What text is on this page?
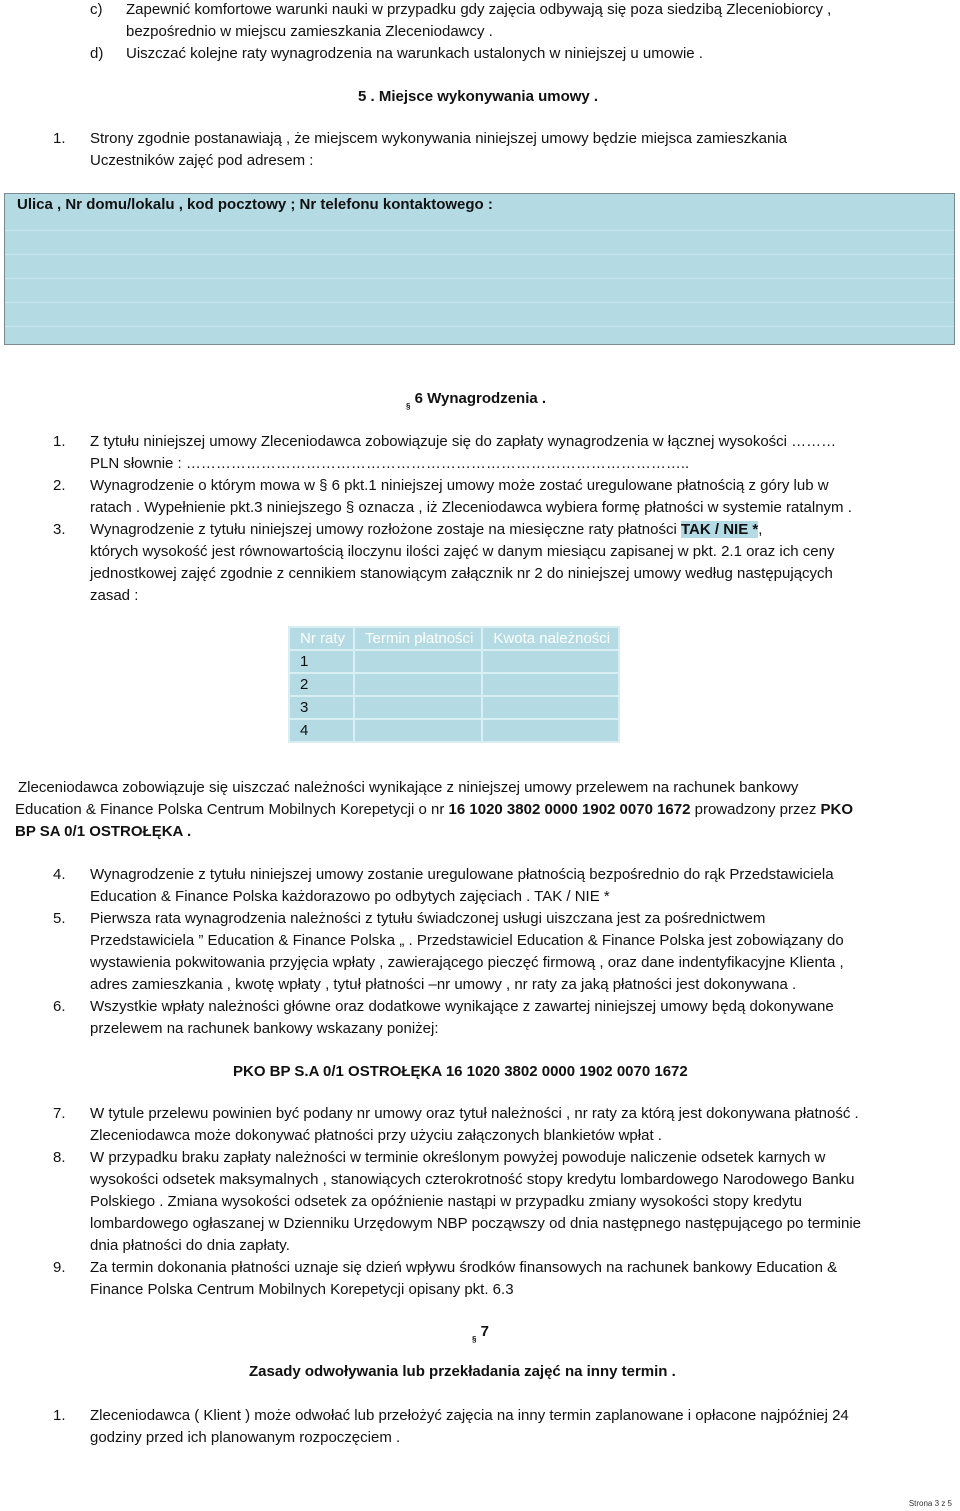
c) Zapewnić komfortowe warunki nauki w przypadku gdy zajęcia odbywają się poza siedzibą Zleceniobiorcy ,

bezpośrednio w miejscu zamieszkania Zleceniodawcy .

d) Uiszczać kolejne raty wynagrodzenia na warunkach ustalonych w niniejszej u umowie .

5 . Miejsce wykonywania umowy .

1. Strony zgodnie postanawiają , że miejscem wykonywania niniejszej umowy będzie miejsca zamieszkania

Uczestników zajęć pod adresem :

Ulica , Nr domu/lokalu , kod pocztowy ; Nr telefonu kontaktowego :

$_\S$ 6 Wynagrodzenia .

1. Z tytułu niniejszej umowy Zleceniodawca zobowiązuje się do zapłaty wynagrodzenia w łącznej wysokości ………

PLN słownie : ………………………………………………………………………………………..

2. Wynagrodzenie o którym mowa w § 6 pkt.1 niniejszej umowy może zostać uregulowane płatnością z góry lub w

ratach . Wypełnienie pkt.3 niniejszego § oznacza , iż Zleceniodawca wybiera formę płatności w systemie ratalnym .

3. Wynagrodzenie z tytułu niniejszej umowy rozłożone zostaje na miesięczne raty płatności TAK / NIE *,

których wysokość jest równowartością iloczynu ilości zajęć w danym miesiącu zapisanej w pkt. 2.1 oraz ich ceny

jednostkowej zajęć zgodnie z cennikiem stanowiącym załącznik nr 2 do niniejszej umowy według następujących

zasad :

Nr raty	Termin płatności	Kwota należności
1		
2		
3		
4		

Zleceniodawca zobowiązuje się uiszczać należności wynikające z niniejszej umowy przelewem na rachunek bankowy

Education & Finance Polska Centrum Mobilnych Korepetycji o nr 16 1020 3802 0000 1902 0070 1672 prowadzony przez PKO

BP SA 0/1 OSTROŁĘKA .

4. Wynagrodzenie z tytułu niniejszej umowy zostanie uregulowane płatnością bezpośrednio do rąk Przedstawiciela

Education & Finance Polska każdorazowo po odbytych zajęciach . TAK / NIE *

5. Pierwsza rata wynagrodzenia należności z tytułu świadczonej usługi uiszczana jest za pośrednictwem

Przedstawiciela ” Education & Finance Polska „ . Przedstawiciel Education & Finance Polska jest zobowiązany do

wystawienia pokwitowania przyjęcia wpłaty , zawierającego pieczęć firmową , oraz dane indentyfikacyjne Klienta ,

adres zamieszkania , kwotę wpłaty , tytuł płatności –nr umowy , nr raty za jaką płatności jest dokonywana .

6. Wszystkie wpłaty należności główne oraz dodatkowe wynikające z zawartej niniejszej umowy będą dokonywane

przelewem na rachunek bankowy wskazany poniżej:

PKO BP S.A 0/1 OSTROŁĘKA 16 1020 3802 0000 1902 0070 1672

7. W tytule przelewu powinien być podany nr umowy oraz tytuł należności , nr raty za którą jest dokonywana płatność .

Zleceniodawca może dokonywać płatności przy użyciu załączonych blankietów wpłat .

8. W przypadku braku zapłaty należności w terminie określonym powyżej powoduje naliczenie odsetek karnych w

wysokości odsetek maksymalnych , stanowiących czterokrotność stopy kredytu lombardowego Narodowego Banku

Polskiego . Zmiana wysokości odsetek za opóźnienie nastąpi w przypadku zmiany wysokości stopy kredytu

lombardowego ogłaszanej w Dzienniku Urzędowym NBP począwszy od dnia następnego następującego po terminie

dnia płatności do dnia zapłaty.

9. Za termin dokonania płatności uznaje się dzień wpływu środków finansowych na rachunek bankowy Education &

Finance Polska Centrum Mobilnych Korepetycji opisany pkt. 6.3

$_\S$ 7

Zasady odwoływania lub przekładania zajęć na inny termin .

1. Zleceniodawca ( Klient ) może odwołać lub przełożyć zajęcia na inny termin zaplanowane i opłacone najpóźniej 24

godziny przed ich planowanym rozpoczęciem .

Strona 3 z 5
